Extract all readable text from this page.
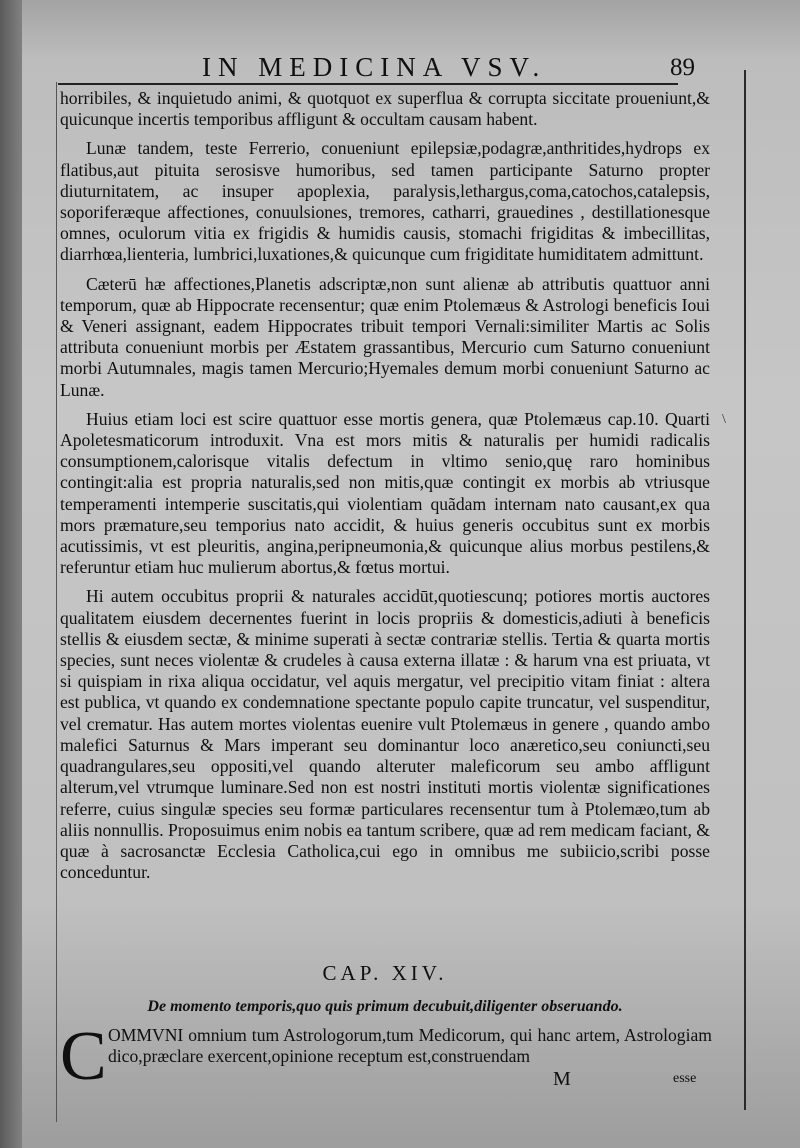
IN MEDICINA VSV.	89

horribiles, & inquietudo animi, & quotquot ex superflua & corrupta siccitate proueniunt,& quicunque incertis temporibus affligunt & occultam causam habent.

Lunæ tandem, teste Ferrerio, conueniunt epilepsiæ,podagræ,anthritides,hydrops ex flatibus,aut pituita serosisve humoribus, sed tamen participante Saturno propter diuturnitatem, ac insuper apoplexia, paralysis,lethargus,coma,catochos,catalepsis, soporiferæque affectiones, conuulsiones, tremores, catharri, grauedines , destillationesque omnes, oculorum vitia ex frigidis & humidis causis, stomachi frigiditas & imbecillitas, diarrhœa,lienteria, lumbrici,luxationes,& quicunque cum frigiditate humiditatem admittunt.

Cæterū hæ affectiones,Planetis adscriptæ,non sunt alienæ ab attributis quattuor anni temporum, quæ ab Hippocrate recensentur; quæ enim Ptolemæus & Astrologi beneficis Ioui & Veneri assignant, eadem Hippocrates tribuit tempori Vernali:similiter Martis ac Solis attributa conueniunt morbis per Æstatem grassantibus, Mercurio cum Saturno conueniunt morbi Autumnales, magis tamen Mercurio;Hyemales demum morbi conueniunt Saturno ac Lunæ.

Huius etiam loci est scire quattuor esse mortis genera, quæ Ptolemæus cap.10. Quarti Apoletesmaticorum introduxit. Vna est mors mitis & naturalis per humidi radicalis consumptionem,calorisque vitalis defectum in vltimo senio,quę raro hominibus contingit:alia est propria naturalis,sed non mitis,quæ contingit ex morbis ab vtriusque temperamenti intemperie suscitatis,qui violentiam quãdam internam nato causant,ex qua mors præmature,seu temporius nato accidit, & huius generis occubitus sunt ex morbis acutissimis, vt est pleuritis, angina,peripneumonia,& quicunque alius morbus pestilens,& referuntur etiam huc mulierum abortus,& fœtus mortui.

Hi autem occubitus proprii & naturales accidūt,quotiescunq; potiores mortis auctores qualitatem eiusdem decernentes fuerint in locis propriis & domesticis,adiuti à beneficis stellis & eiusdem sectæ, & minime superati à sectæ contrariæ stellis. Tertia & quarta mortis species, sunt neces violentæ & crudeles à causa externa illatæ : & harum vna est priuata, vt si quispiam in rixa aliqua occidatur, vel aquis mergatur, vel precipitio vitam finiat : altera est publica, vt quando ex condemnatione spectante populo capite truncatur, vel suspenditur, vel crematur. Has autem mortes violentas euenire vult Ptolemæus in genere , quando ambo malefici Saturnus & Mars imperant seu dominantur loco anæretico,seu coniuncti,seu quadrangulares,seu oppositi,vel quando alteruter maleficorum seu ambo affligunt alterum,vel vtrumque luminare.Sed non est nostri instituti mortis violentæ significationes referre, cuius singulæ species seu formæ particulares recensentur tum à Ptolemæo,tum ab aliis nonnullis. Proposuimus enim nobis ea tantum scribere, quæ ad rem medicam faciant, & quæ à sacrosanctæ Ecclesia Catholica,cui ego in omnibus me subiicio,scribi posse conceduntur.

\
CAP. XIV.
De momento temporis,quo quis primum decubuit,diligenter obseruando.
C OMMVNI omnium tum Astrologorum,tum Medicorum, qui hanc artem, Astrologiam dico,præclare exercent,opinione receptum est,construendam
M	esse
